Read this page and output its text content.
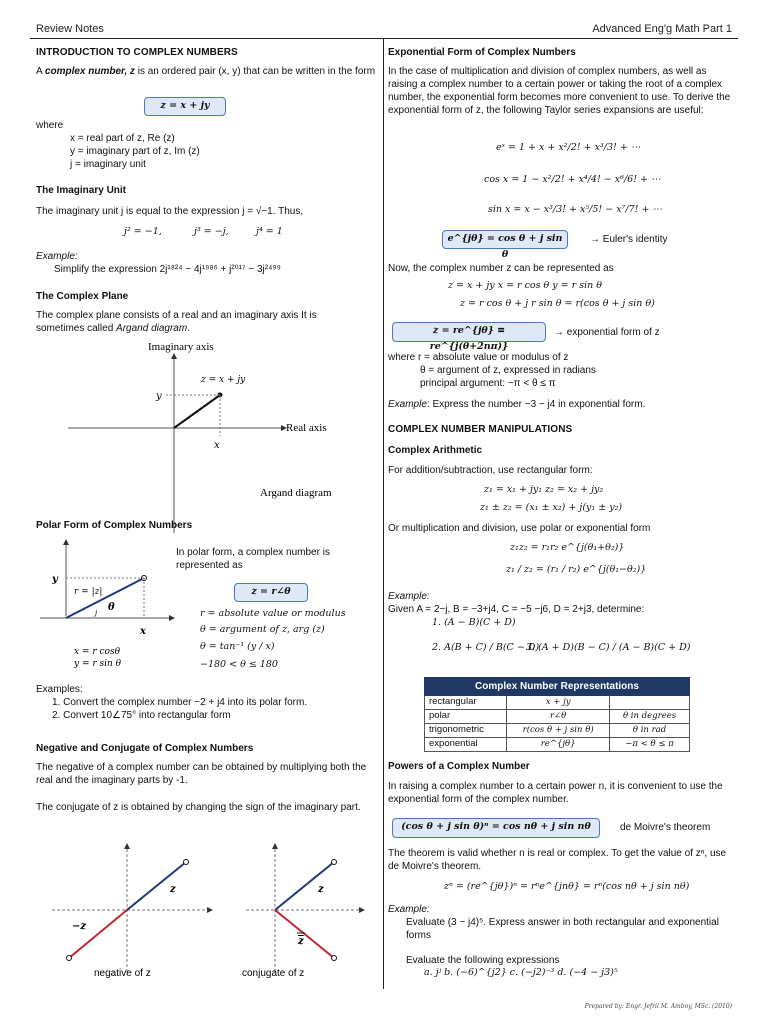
Review Notes	Advanced Eng'g Math Part 1
INTRODUCTION TO COMPLEX NUMBERS
A complex number, z is an ordered pair (x, y) that can be written in the form
z = x + jy
where
x = real part of z, Re (z)
y = imaginary part of z, Im (z)
j = imaginary unit
The Imaginary Unit
The imaginary unit j is equal to the expression j = √−1. Thus,
j² = −1,	j³ = −j,	j⁴ = 1
Example:
Simplify the expression 2j¹⁸²⁴ − 4j¹⁹⁸⁶ + j²⁰¹⁷ − 3j²⁴⁹⁹
The Complex Plane
The complex plane consists of a real and an imaginary axis It is
sometimes called Argand diagram.
Imaginary axis
Real axis
z = x + jy
y
x
Argand diagram
Polar Form of Complex Numbers
y
x
r = |z|
θ
j
x = r cosθ
y = r sin θ
In polar form, a complex number is represented as
z = r∠θ
r = absolute value or modulus
θ = argument of z, arg (z)
θ = tan⁻¹ (y / x)
−180 < θ ≤ 180
Examples:
1. Convert the complex number −2 + j4 into its polar form.
2. Convert 10∠75° into rectangular form
Negative and Conjugate of Complex Numbers
The negative of a complex number can be obtained by multiplying both the real and the imaginary parts by -1.
The conjugate of z is obtained by changing the sign of the imaginary part.
z
−z
negative of z
z
z
conjugate of z
Exponential Form of Complex Numbers
In the case of multiplication and division of complex numbers, as well as raising a complex number to a certain power or taking the root of a complex number, the exponential form becomes more convenient to use. To derive the exponential form of z, the following Taylor series expansions are useful:
eˣ = 1 + x + x²/2! + x³/3! + ⋯
cos x = 1 − x²/2! + x⁴/4! − x⁶/6! + ⋯
sin x = x − x³/3! + x⁵/5! − x⁷/7! + ⋯
e^{jθ} = cos θ + j sin θ
→ Euler's identity
Now, the complex number z can be represented as
z = x + jy x = r cos θ y = r sin θ
z = r cos θ + j r sin θ = r(cos θ + j sin θ)
z = re^{jθ} ≡ re^{j(θ+2nπ)}
→ exponential form of z
where r = absolute value or modulus of z
θ = argument of z, expressed in radians
principal argument: −π < θ ≤ π
Example: Express the number −3 − j4 in exponential form.
COMPLEX NUMBER MANIPULATIONS
Complex Arithmetic
For addition/subtraction, use rectangular form:
z₁ = x₁ + jy₁ z₂ = x₂ + jy₂
z₁ ± z₂ = (x₁ ± x₂) + j(y₁ ± y₂)
Or multiplication and division, use polar or exponential form
z₁z₂ = r₁r₂ e^{j(θ₁+θ₂)}
z₁ / z₂ = (r₁ / r₂) e^{j(θ₁−θ₂)}
Example:
Given A = 2−j, B = −3+j4, C = −5 −j6, D = 2+j3, determine:
1. (A − B)(C + D)
2. A(B + C) / B(C − D)
3. (A + D)(B − C) / (A − B)(C + D)
Complex Number Representations		
rectangular	x + jy	
polar	r∠θ	θ in degrees
trigonometric	r(cos θ + j sin θ)	θ in rad
exponential	re^{jθ}	−π < θ ≤ π
Powers of a Complex Number
In raising a complex number to a certain power n, it is convenient to use the exponential form of the complex number.
(cos θ + j sin θ)ⁿ = cos nθ + j sin nθ	de Moivre's theorem
The theorem is valid whether n is real or complex. To get the value of zⁿ, use de Moivre's theorem.
zⁿ = (re^{jθ})ⁿ = rⁿe^{jnθ} = rⁿ(cos nθ + j sin nθ)
Example:
Evaluate (3 − j4)⁵. Express answer in both rectangular and exponential forms
Evaluate the following expressions
a. jʲ b. (−6)^{j2} c. (−j2)⁻³ d. (−4 − j3)⁵
Prepared by: Engr. Jefril M. Amboy, MSc. (2010)
